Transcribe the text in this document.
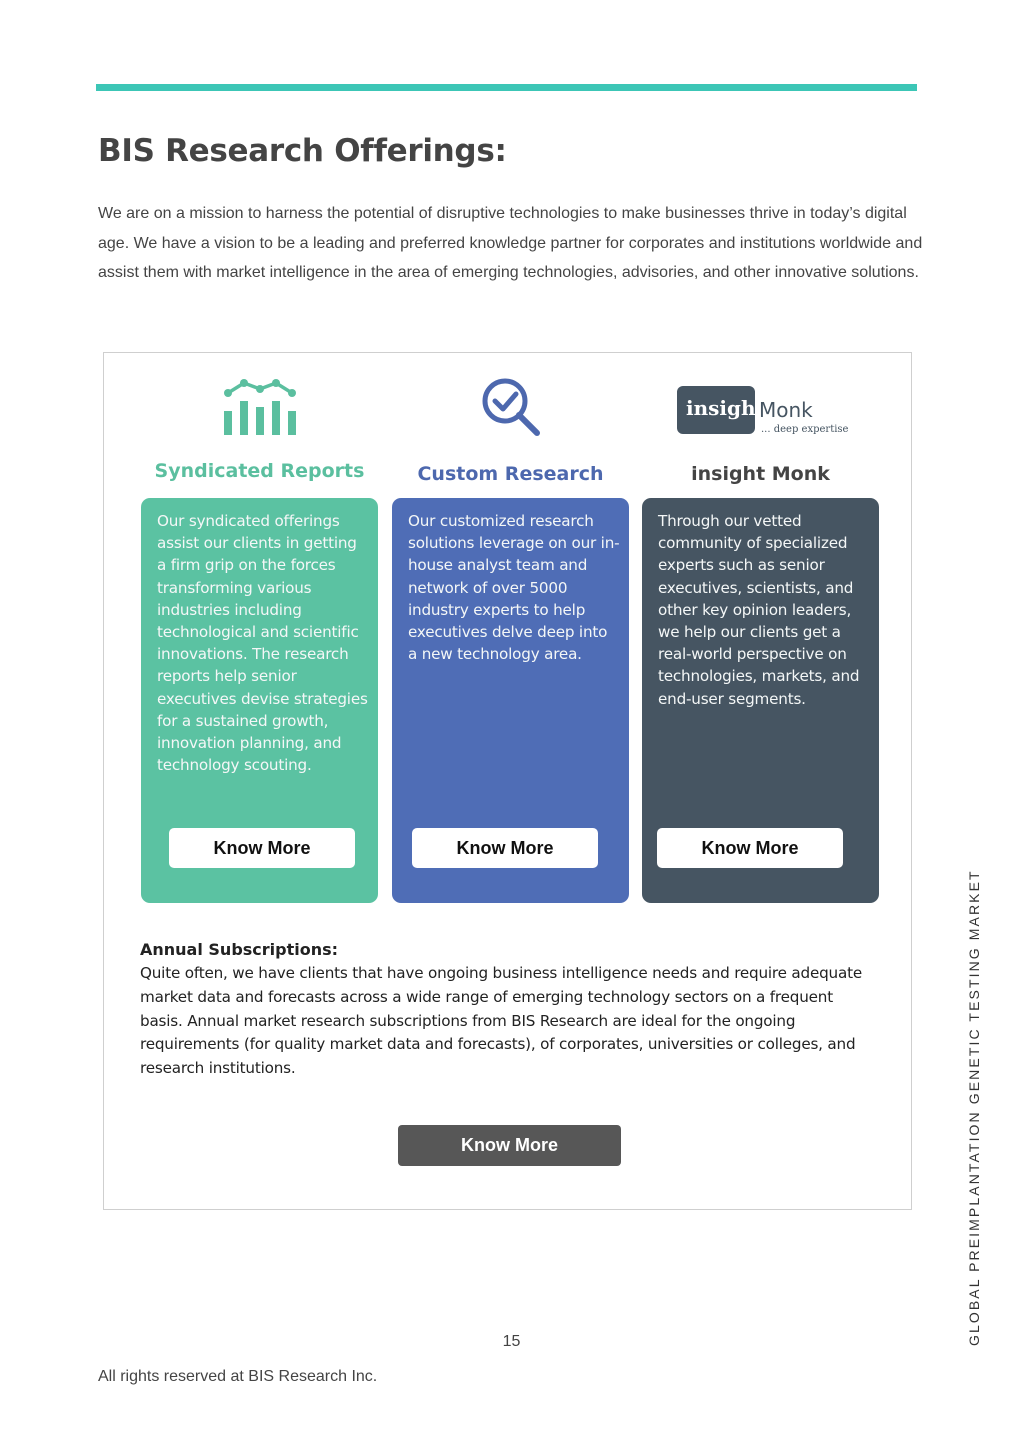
BIS Research Offerings:

We are on a mission to harness the potential of disruptive technologies to make businesses thrive in today’s digital age. We have a vision to be a leading and preferred knowledge partner for corporates and institutions worldwide and assist them with market intelligence in the area of emerging technologies, advisories, and other innovative solutions.

insight
Monk
... deep expertise
Syndicated Reports	Custom Research	insight Monk

Our syndicated offerings assist our clients in getting a firm grip on the forces transforming various industries including technological and scientific innovations. The research reports help senior executives devise strategies for a sustained growth, innovation planning, and technology scouting.

Know More

Our customized research solutions leverage on our in-house analyst team and network of over 5000 industry experts to help executives delve deep into a new technology area.

Know More

Through our vetted community of specialized experts such as senior executives, scientists, and other key opinion leaders, we help our clients get a real-world perspective on technologies, markets, and end-user segments.

Know More
Annual Subscriptions:

Quite often, we have clients that have ongoing business intelligence needs and require adequate market data and forecasts across a wide range of emerging technology sectors on a frequent basis. Annual market research subscriptions from BIS Research are ideal for the ongoing requirements (for quality market data and forecasts), of corporates, universities or colleges, and research institutions.

Know More	GLOBAL PREIMPLANTATION GENETIC TESTING MARKET
15
All rights reserved at BIS Research Inc.
